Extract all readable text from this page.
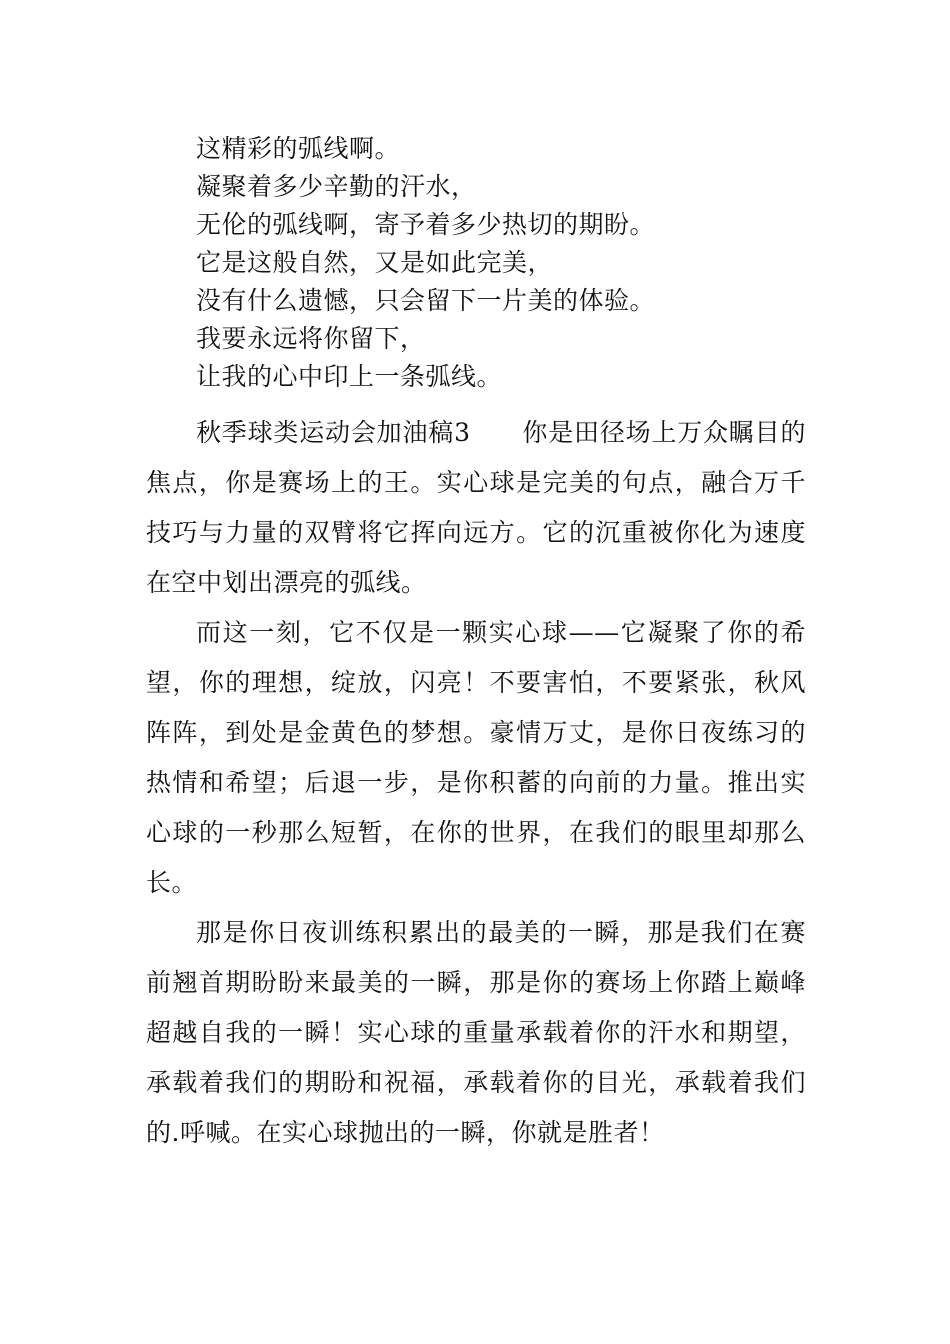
这精彩的弧线啊。
凝聚着多少辛勤的汗水，
无伦的弧线啊，寄予着多少热切的期盼。
它是这般自然，又是如此完美，
没有什么遗憾，只会留下一片美的体验。
我要永远将你留下，
让我的心中印上一条弧线。

秋季球类运动会加油稿3　　你是田径场上万众瞩目的焦点，你是赛场上的王。实心球是完美的句点，融合万千技巧与力量的双臂将它挥向远方。它的沉重被你化为速度在空中划出漂亮的弧线。

而这一刻，它不仅是一颗实心球——它凝聚了你的希望，你的理想，绽放，闪亮！不要害怕，不要紧张，秋风阵阵，到处是金黄色的梦想。豪情万丈，是你日夜练习的热情和希望；后退一步，是你积蓄的向前的力量。推出实心球的一秒那么短暂，在你的世界，在我们的眼里却那么长。

那是你日夜训练积累出的最美的一瞬，那是我们在赛前翘首期盼盼来最美的一瞬，那是你的赛场上你踏上巅峰超越自我的一瞬！实心球的重量承载着你的汗水和期望，承载着我们的期盼和祝福，承载着你的目光，承载着我们的.呼喊。在实心球抛出的一瞬，你就是胜者！
